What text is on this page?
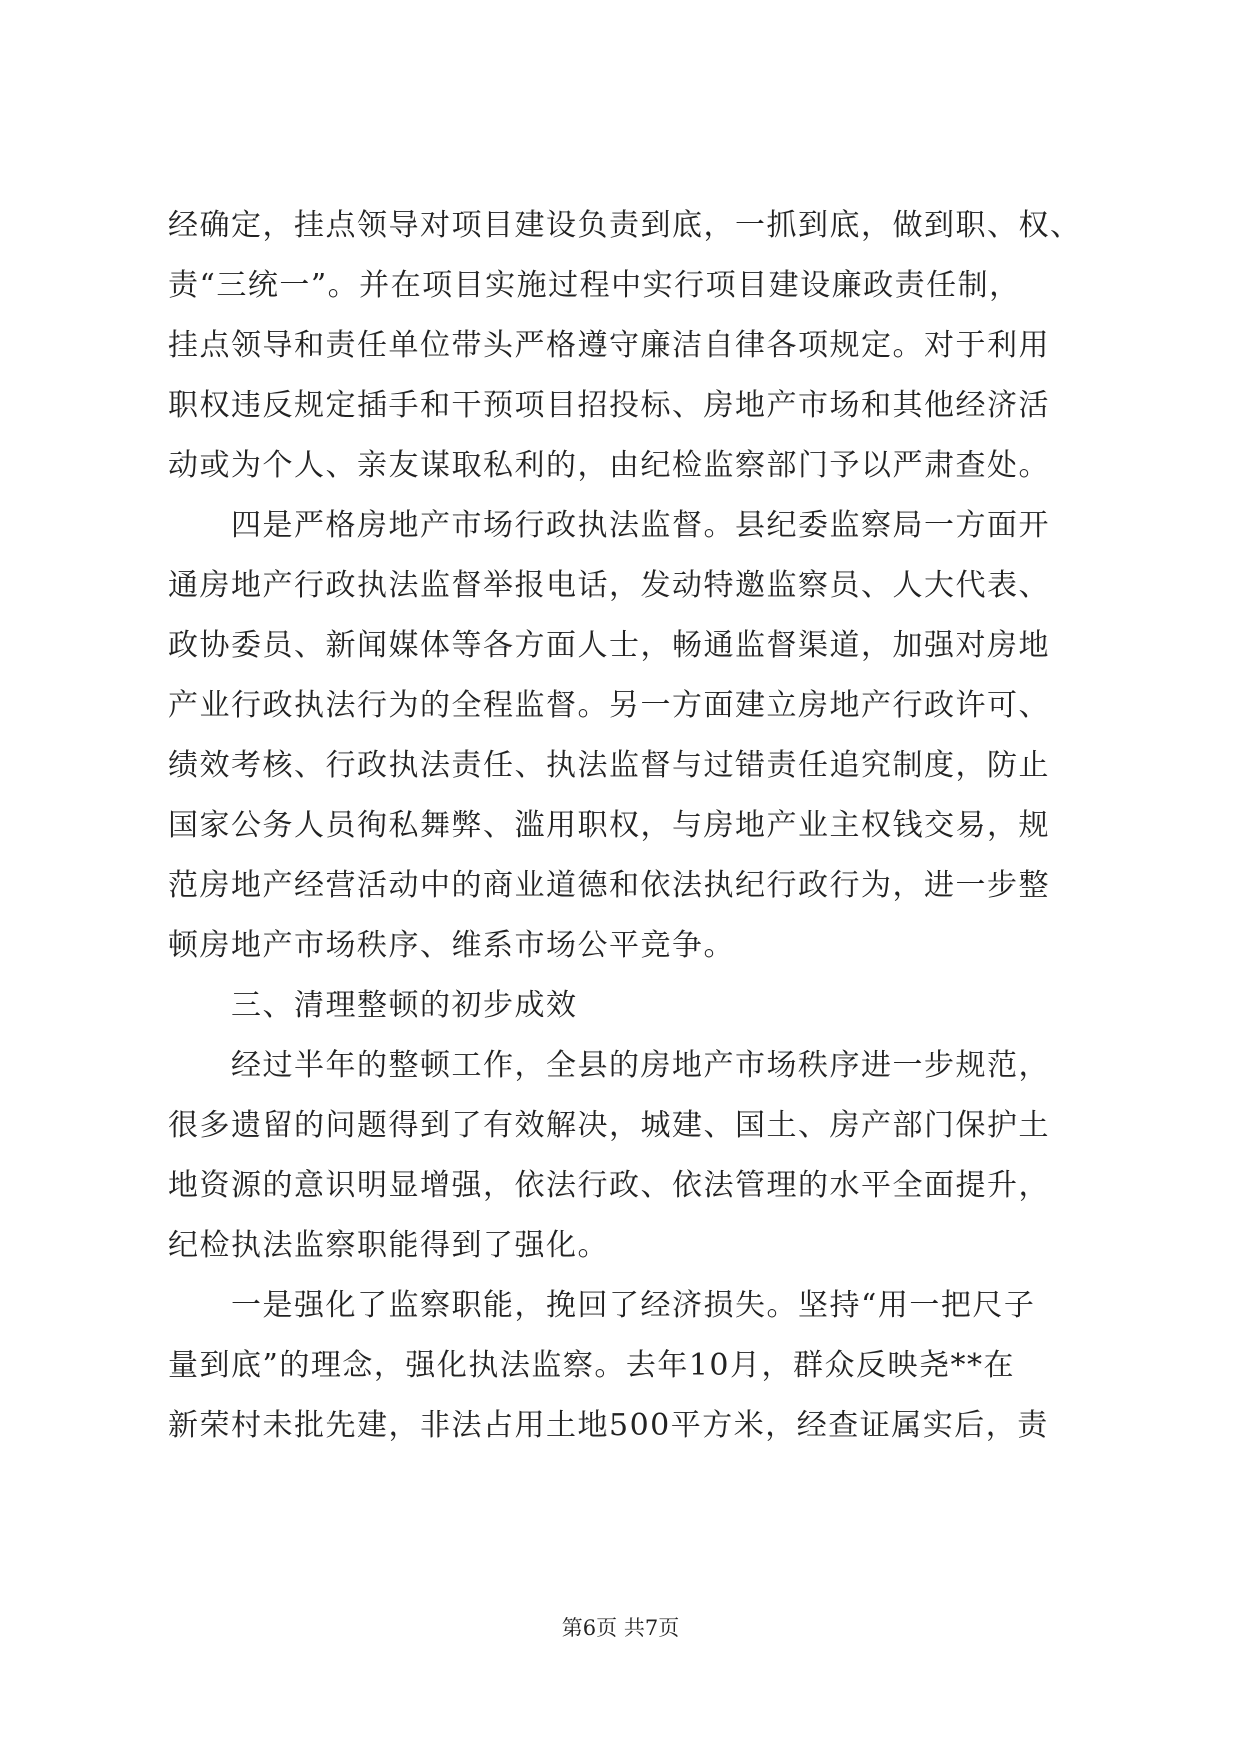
经确定，挂点领导对项目建设负责到底，一抓到底，做到职、权、
责“三统一”。并在项目实施过程中实行项目建设廉政责任制，
挂点领导和责任单位带头严格遵守廉洁自律各项规定。对于利用
职权违反规定插手和干预项目招投标、房地产市场和其他经济活
动或为个人、亲友谋取私利的，由纪检监察部门予以严肃查处。
　　四是严格房地产市场行政执法监督。县纪委监察局一方面开
通房地产行政执法监督举报电话，发动特邀监察员、人大代表、
政协委员、新闻媒体等各方面人士，畅通监督渠道，加强对房地
产业行政执法行为的全程监督。另一方面建立房地产行政许可、
绩效考核、行政执法责任、执法监督与过错责任追究制度，防止
国家公务人员徇私舞弊、滥用职权，与房地产业主权钱交易，规
范房地产经营活动中的商业道德和依法执纪行政行为，进一步整
顿房地产市场秩序、维系市场公平竞争。
　　三、清理整顿的初步成效
　　经过半年的整顿工作，全县的房地产市场秩序进一步规范，
很多遗留的问题得到了有效解决，城建、国土、房产部门保护土
地资源的意识明显增强，依法行政、依法管理的水平全面提升，
纪检执法监察职能得到了强化。
　　一是强化了监察职能，挽回了经济损失。坚持“用一把尺子
量到底”的理念，强化执法监察。去年10月，群众反映尧**在
新荣村未批先建，非法占用土地500平方米，经查证属实后，责
第6页 共7页
